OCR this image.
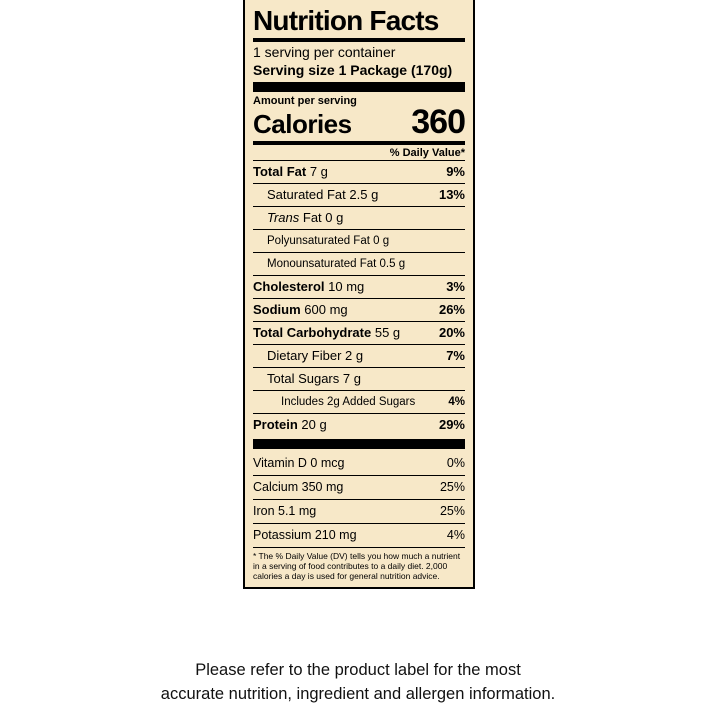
Nutrition Facts
1 serving per container
Serving size 1 Package (170g)
Amount per serving
Calories 360
% Daily Value*
Total Fat 7 g	9%
Saturated Fat 2.5 g	13%
Trans Fat 0 g
Polyunsaturated Fat 0 g
Monounsaturated Fat 0.5 g
Cholesterol 10 mg	3%
Sodium 600 mg	26%
Total Carbohydrate 55 g	20%
Dietary Fiber 2 g	7%
Total Sugars 7 g
Includes 2g Added Sugars	4%
Protein 20 g	29%
Vitamin D 0 mcg	0%
Calcium 350 mg	25%
Iron 5.1 mg	25%
Potassium 210 mg	4%
* The % Daily Value (DV) tells you how much a nutrient in a serving of food contributes to a daily diet. 2,000 calories a day is used for general nutrition advice.
Please refer to the product label for the most
accurate nutrition, ingredient and allergen information.
